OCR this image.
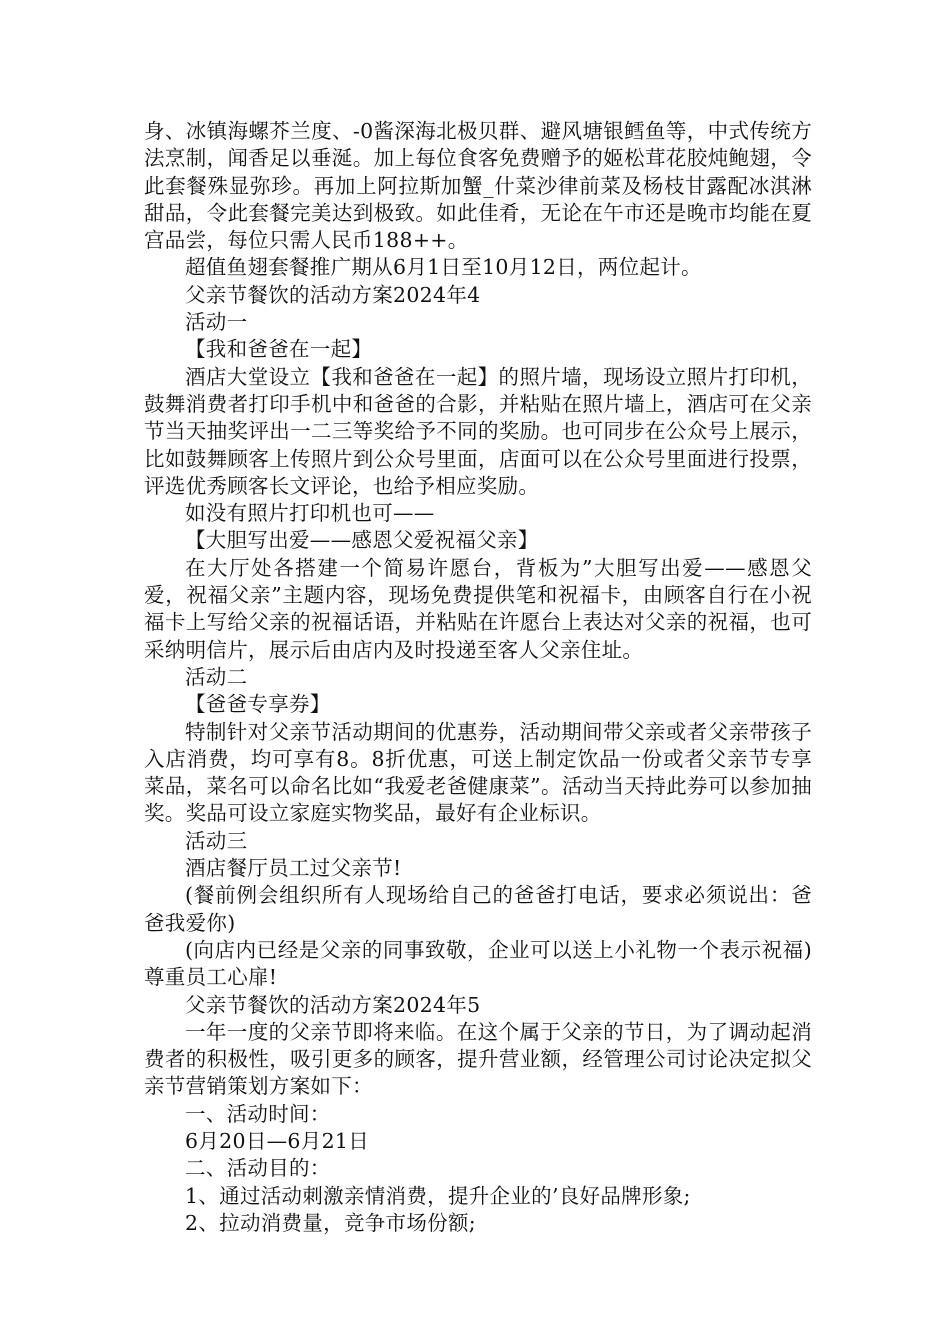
身、冰镇海螺芥兰度、-0酱深海北极贝群、避风塘银鳕鱼等，中式传统方法烹制，闻香足以垂涎。加上每位食客免费赠予的姬松茸花胶炖鲍翅，令此套餐殊显弥珍。再加上阿拉斯加蟹_什菜沙律前菜及杨枝甘露配冰淇淋甜品，令此套餐完美达到极致。如此佳肴，无论在午市还是晚市均能在夏宫品尝，每位只需人民币188++。

超值鱼翅套餐推广期从6月1日至10月12日，两位起计。

父亲节餐饮的活动方案2024年4

活动一

【我和爸爸在一起】

酒店大堂设立【我和爸爸在一起】的照片墙，现场设立照片打印机，鼓舞消费者打印手机中和爸爸的合影，并粘贴在照片墙上，酒店可在父亲节当天抽奖评出一二三等奖给予不同的奖励。也可同步在公众号上展示，比如鼓舞顾客上传照片到公众号里面，店面可以在公众号里面进行投票，评选优秀顾客长文评论，也给予相应奖励。

如没有照片打印机也可——

【大胆写出爱——感恩父爱祝福父亲】

在大厅处各搭建一个简易许愿台，背板为”大胆写出爱——感恩父爱，祝福父亲”主题内容，现场免费提供笔和祝福卡，由顾客自行在小祝福卡上写给父亲的祝福话语，并粘贴在许愿台上表达对父亲的祝福，也可采纳明信片，展示后由店内及时投递至客人父亲住址。

活动二

【爸爸专享券】

特制针对父亲节活动期间的优惠券，活动期间带父亲或者父亲带孩子入店消费，均可享有8。8折优惠，可送上制定饮品一份或者父亲节专享菜品，菜名可以命名比如“我爱老爸健康菜”。活动当天持此券可以参加抽奖。奖品可设立家庭实物奖品，最好有企业标识。

活动三

酒店餐厅员工过父亲节!

(餐前例会组织所有人现场给自己的爸爸打电话，要求必须说出：爸爸我爱你)

(向店内已经是父亲的同事致敬，企业可以送上小礼物一个表示祝福)尊重员工心扉!

父亲节餐饮的活动方案2024年5

一年一度的父亲节即将来临。在这个属于父亲的节日，为了调动起消费者的积极性，吸引更多的顾客，提升营业额，经管理公司讨论决定拟父亲节营销策划方案如下：

一、活动时间：

6月20日—6月21日

二、活动目的：

1、通过活动刺激亲情消费，提升企业的’良好品牌形象;

2、拉动消费量，竞争市场份额;
